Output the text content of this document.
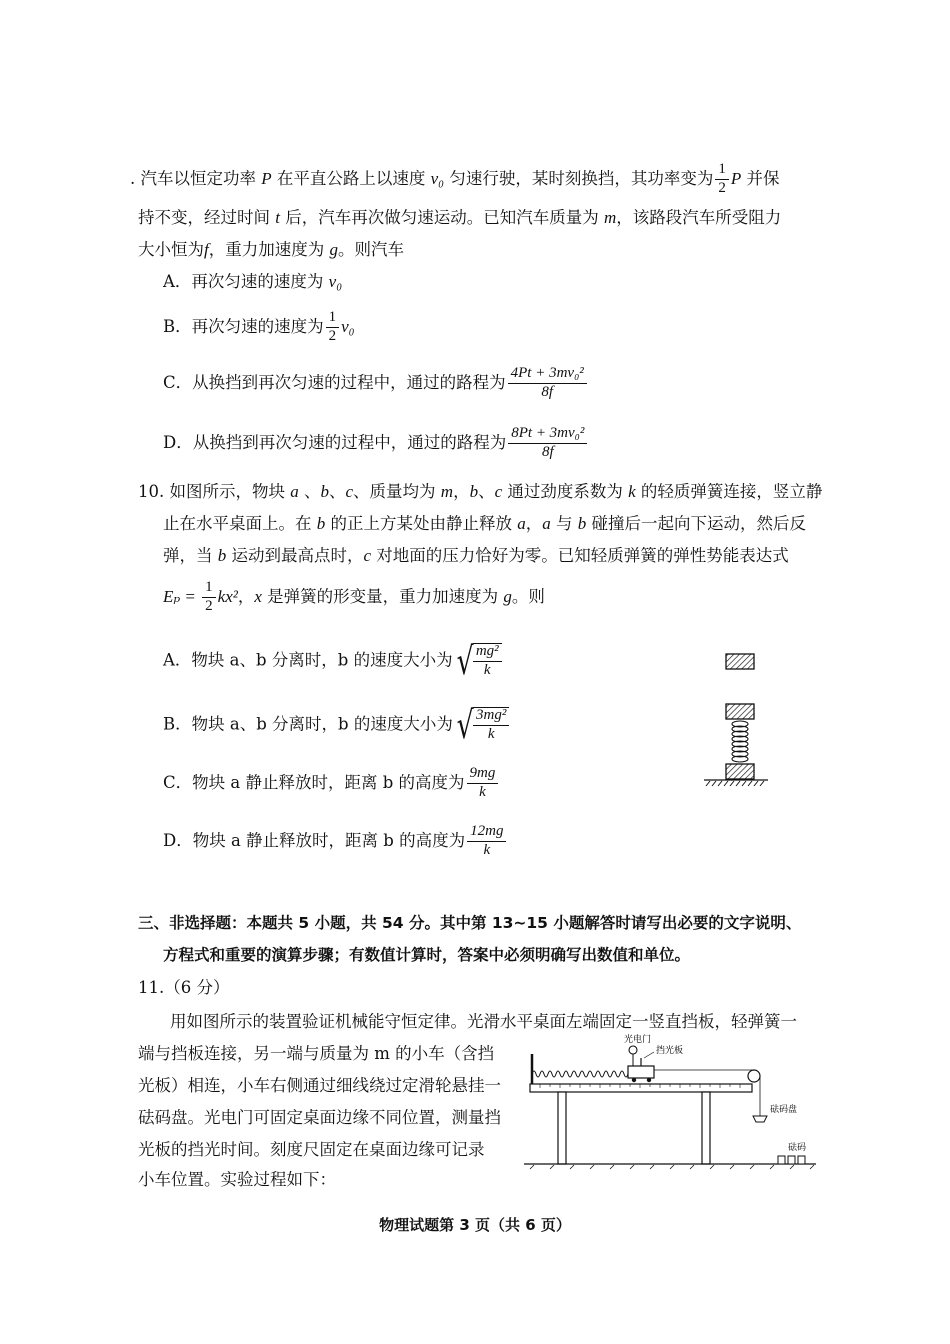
. 汽车以恒定功率 P 在平直公路上以速度 v₀ 匀速行驶，某时刻换挡，其功率变为 $\frac{1}{2}$ P 并保
持不变，经过时间 t 后，汽车再次做匀速运动。已知汽车质量为 m，该路段汽车所受阻力
大小恒为f，重力加速度为 g。则汽车
A．再次匀速的速度为 v₀
B．再次匀速的速度为 $\frac{1}{2} v_0$
C．从换挡到再次匀速的过程中，通过的路程为 $\frac{\text{4Pt + 3mv₀²}}{8f}$
D．从换挡到再次匀速的过程中，通过的路程为 $\frac{\text{8Pt + 3mv₀²}}{8f}$
10. 如图所示，物块 a 、b、c、质量均为 m，b、c 通过劲度系数为 k 的轻质弹簧连接，竖立静
止在水平桌面上。在 b 的正上方某处由静止释放 a，a 与 b 碰撞后一起向下运动，然后反
弹，当 b 运动到最高点时，c 对地面的压力恰好为零。已知轻质弹簧的弹性势能表达式
$E_p = \frac{1}{2} kx^2$，x 是弹簧的形变量，重力加速度为 g。则
A．物块 a、b 分离时，b 的速度大小为 √ $\frac{\text{mg²}}{k}$
B．物块 a、b 分离时，b 的速度大小为 √ $\frac{\text{3mg²}}{k}$
C．物块 a 静止释放时，距离 b 的高度为 $\frac{9mg}{k}$
D．物块 a 静止释放时，距离 b 的高度为 $\frac{12mg}{k}$
三、非选择题：本题共 5 小题，共 54 分。其中第 13~15 小题解答时请写出必要的文字说明、
方程式和重要的演算步骤；有数值计算时，答案中必须明确写出数值和单位。
11.（6 分）
用如图所示的装置验证机械能守恒定律。光滑水平桌面左端固定一竖直挡板，轻弹簧一
端与挡板连接，另一端与质量为 m 的小车（含挡
光板）相连，小车右侧通过细线绕过定滑轮悬挂一
砝码盘。光电门可固定桌面边缘不同位置，测量挡
光板的挡光时间。刻度尺固定在桌面边缘可记录
小车位置。实验过程如下：
光电门
挡光板
砝码盘
砝码
物理试题第 3 页（共 6 页）
